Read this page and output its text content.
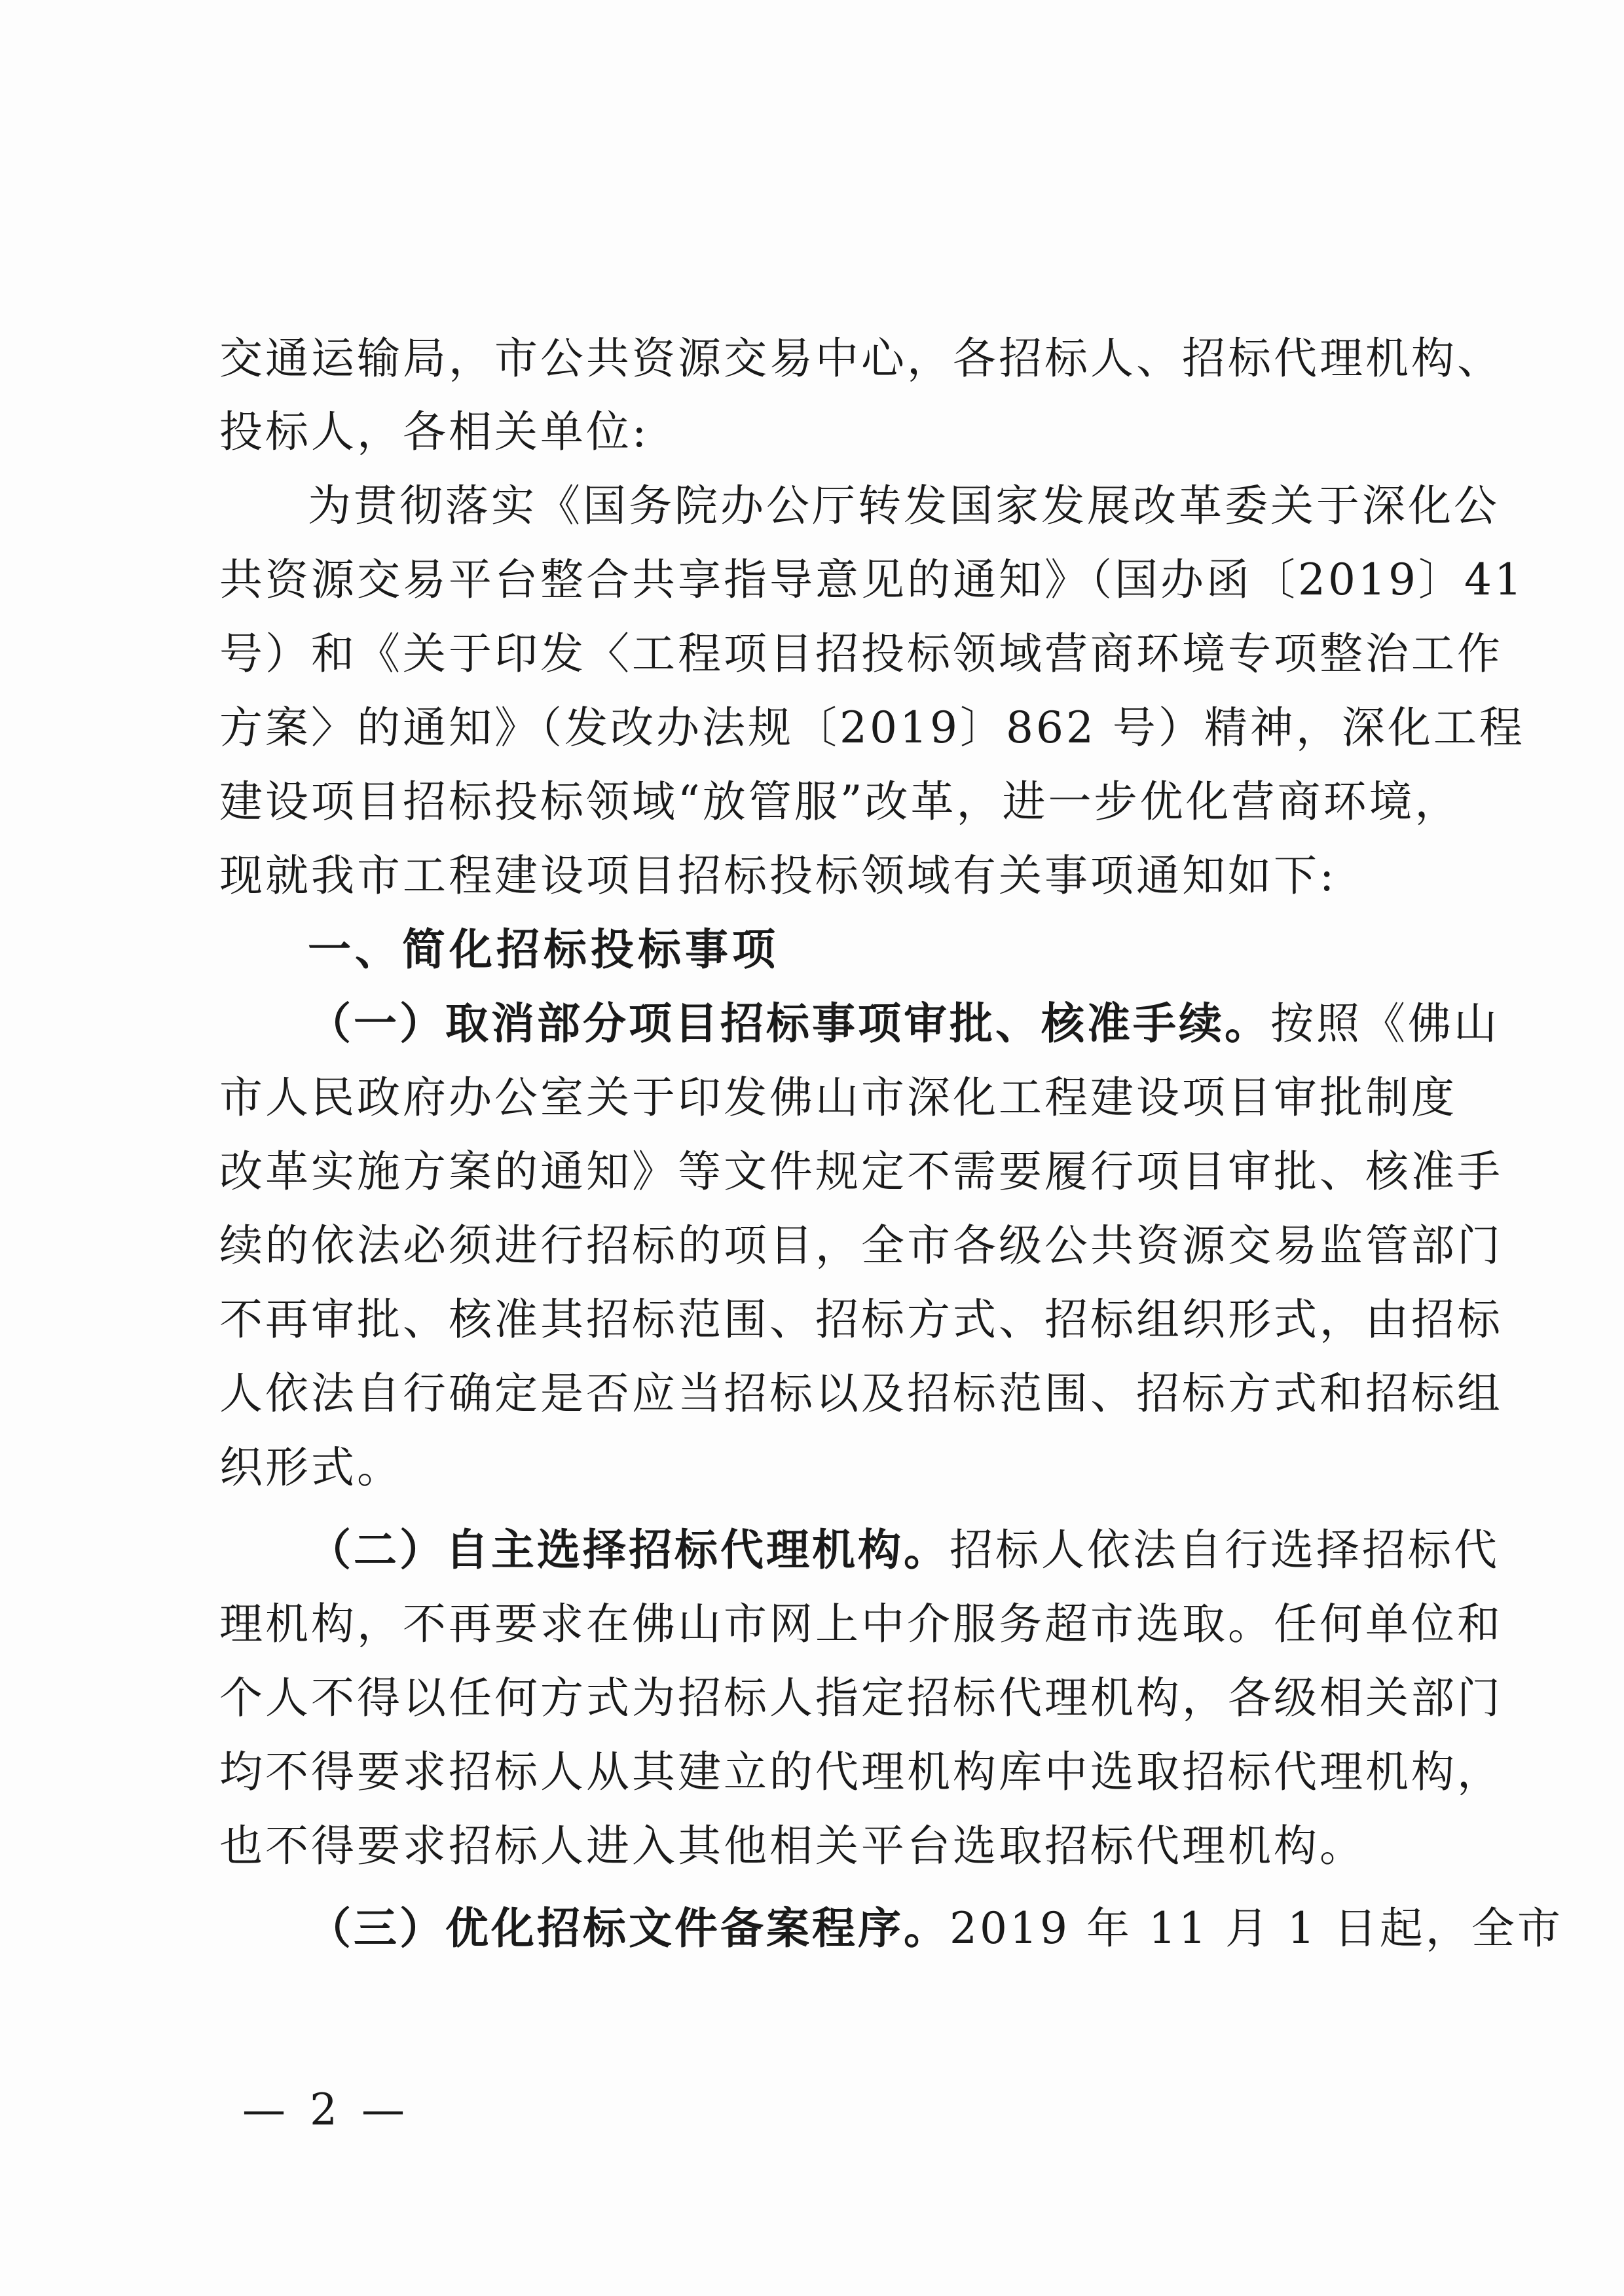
交通运输局，市公共资源交易中心，各招标人、招标代理机构、
投标人，各相关单位:
为贯彻落实《国务院办公厅转发国家发展改革委关于深化公
共资源交易平台整合共享指导意见的通知》（国办函〔2019〕41
号）和《关于印发〈工程项目招投标领域营商环境专项整治工作
方案〉的通知》（发改办法规〔2019〕862 号）精神，深化工程
建设项目招标投标领域“放管服”改革，进一步优化营商环境，
现就我市工程建设项目招标投标领域有关事项通知如下:
一、简化招标投标事项
（一）取消部分项目招标事项审批、核准手续。按照《佛山
市人民政府办公室关于印发佛山市深化工程建设项目审批制度
改革实施方案的通知》等文件规定不需要履行项目审批、核准手
续的依法必须进行招标的项目，全市各级公共资源交易监管部门
不再审批、核准其招标范围、招标方式、招标组织形式，由招标
人依法自行确定是否应当招标以及招标范围、招标方式和招标组
织形式。
（二）自主选择招标代理机构。招标人依法自行选择招标代
理机构，不再要求在佛山市网上中介服务超市选取。任何单位和
个人不得以任何方式为招标人指定招标代理机构，各级相关部门
均不得要求招标人从其建立的代理机构库中选取招标代理机构，
也不得要求招标人进入其他相关平台选取招标代理机构。
（三）优化招标文件备案程序。2019 年 11 月 1 日起，全市
— 2 —
